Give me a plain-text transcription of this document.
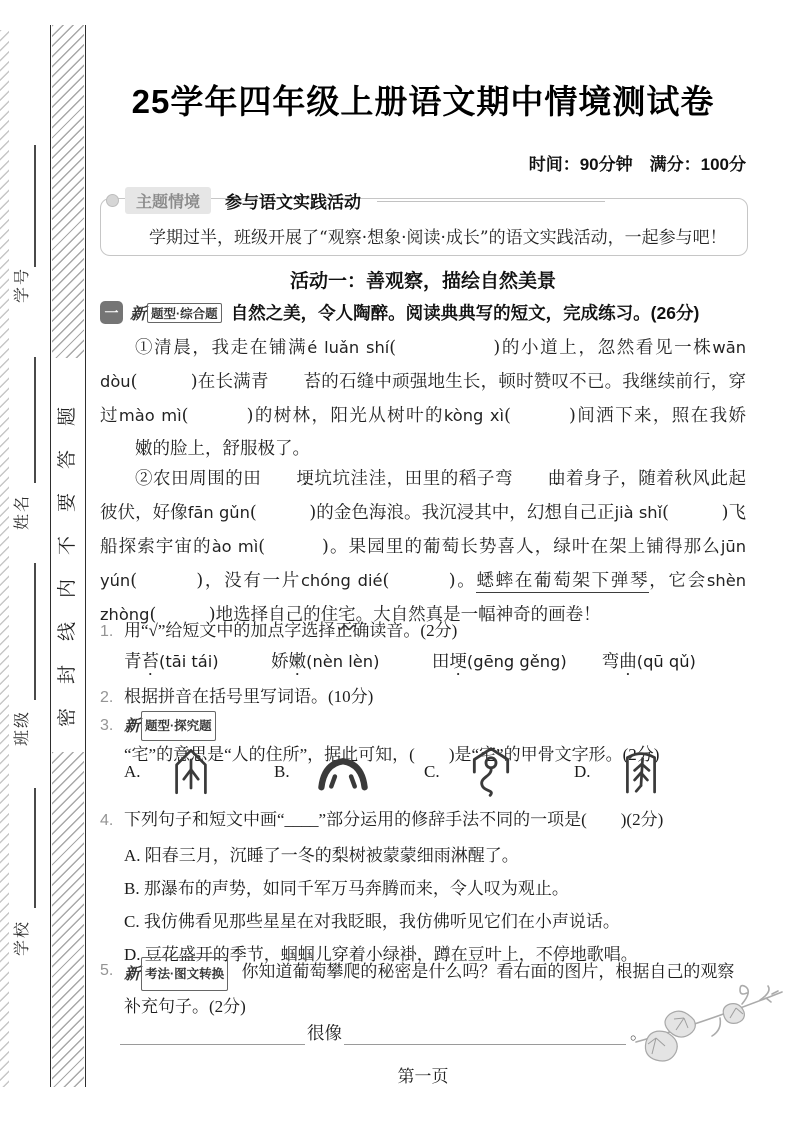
学号
姓名
班级
学校
密封线内不要答题
25学年四年级上册语文期中情境测试卷
时间：90分钟　满分：100分
学期过半，班级开展了“观察·想象·阅读·成长”的语文实践活动，一起参与吧！
主题情境	参与语文实践活动
活动一：善观察，描绘自然美景
一 新 题型·综合题 自然之美，令人陶醉。阅读典典写的短文，完成练习。(26分)
①清晨，我走在铺满é luǎn shí(　　　　　)的小道上，忽然看见一株wān dòu(　　　)在长满青 苔 •的石缝中顽强地生长，顿时赞叹不已。我继续前行，穿过mào mì(　　　)的树林，阳光从树叶的kòng xì(　　　)间洒下来，照在我娇嫩 •的脸上，舒服极了。
②农田周围的田 埂 •坑坑洼洼，田里的稻子弯 曲 •着身子，随着秋风此起彼伏，好像fān gǔn(　　　)的金色海浪。我沉浸其中，幻想自己正jià shǐ(　　　)飞船探索宇宙的ào mì(　　　)。果园里的葡萄长势喜人，绿叶在架上铺得那么jūn yún(　　　)，没有一片chóng dié(　　　)。蟋蟀在葡萄架下弹琴，它会shèn zhòng(　　　)地选择自己的住宅。大自然真是一幅神奇的画卷！
1. 用“√”给短文中的加点字选择正确读音。(2分)
青苔(tāi tái)　　　	娇嫩(nèn lèn)　　　	田埂(gēng gěng)　　 弯曲(qū qǔ)
2. 根据拼音在括号里写词语。(10分)
3. 新 题型·探究题
“宅”的意思是“人的住所”，据此可知，(　　)是“宅”的甲骨文字形。(2分)
A.	B.	C.	D.
4. 下列句子和短文中画“____”部分运用的修辞手法不同的一项是(　　)(2分)
A. 阳春三月，沉睡了一冬的梨树被蒙蒙细雨淋醒了。
B. 那瀑布的声势，如同千军万马奔腾而来，令人叹为观止。
C. 我仿佛看见那些星星在对我眨眼，我仿佛听见它们在小声说话。
D. 豆花盛开的季节，蝈蝈儿穿着小绿褂，蹲在豆叶上，不停地歌唱。
5. 新 考法·图文转换 你知道葡萄攀爬的秘密是什么吗？看右面的图片，根据自己的观察补充句子。(2分)
很像	。
第一页
